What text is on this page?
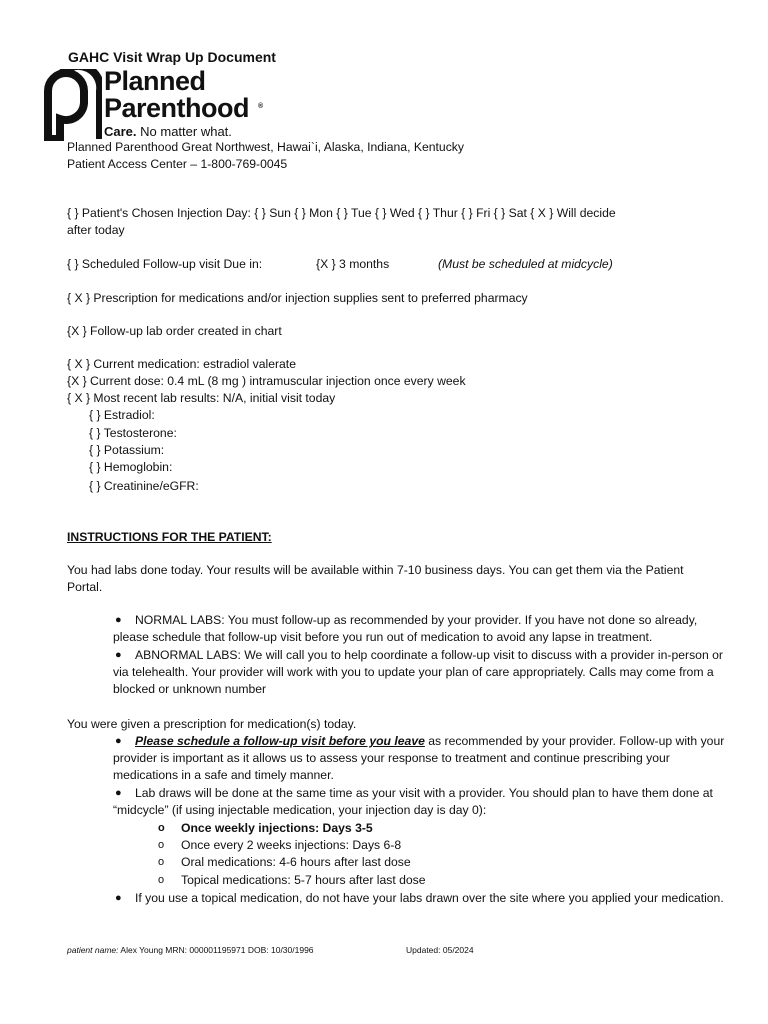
GAHC Visit Wrap Up Document
Planned
Parenthood ®
Care. No matter what.
Planned Parenthood Great Northwest, Hawai`i, Alaska, Indiana, Kentucky
Patient Access Center – 1-800-769-0045
{ } Patient's Chosen Injection Day: { } Sun { } Mon { } Tue { } Wed { } Thur { } Fri { } Sat { X } Will decide
after today
{ } Scheduled Follow-up visit Due in:	{X } 3 months	(Must be scheduled at midcycle)
{ X } Prescription for medications and/or injection supplies sent to preferred pharmacy
{X } Follow-up lab order created in chart
{ X } Current medication: estradiol valerate
{X } Current dose: 0.4 mL (8 mg ) intramuscular injection once every week
{ X } Most recent lab results: N/A, initial visit today
{ } Estradiol:
{ } Testosterone:
{ } Potassium:
{ } Hemoglobin:
{ } Creatinine/eGFR:
INSTRUCTIONS FOR THE PATIENT:
You had labs done today. Your results will be available within 7-10 business days. You can get them via the Patient Portal.
●	NORMAL LABS: You must follow-up as recommended by your provider. If you have not done so already, please schedule that follow-up visit before you run out of medication to avoid any lapse in treatment.
●	ABNORMAL LABS: We will call you to help coordinate a follow-up visit to discuss with a provider in-person or via telehealth. Your provider will work with you to update your plan of care appropriately. Calls may come from a blocked or unknown number
You were given a prescription for medication(s) today.
●	Please schedule a follow-up visit before you leave as recommended by your provider. Follow-up with your provider is important as it allows us to assess your response to treatment and continue prescribing your medications in a safe and timely manner.
●	Lab draws will be done at the same time as your visit with a provider. You should plan to have them done at “midcycle” (if using injectable medication, your injection day is day 0):
o Once weekly injections: Days 3-5
o Once every 2 weeks injections: Days 6-8
o Oral medications: 4-6 hours after last dose
o Topical medications: 5-7 hours after last dose
●	If you use a topical medication, do not have your labs drawn over the site where you applied your medication.
patient name: Alex Young MRN: 000001195971 DOB: 10/30/1996	Updated: 05/2024
